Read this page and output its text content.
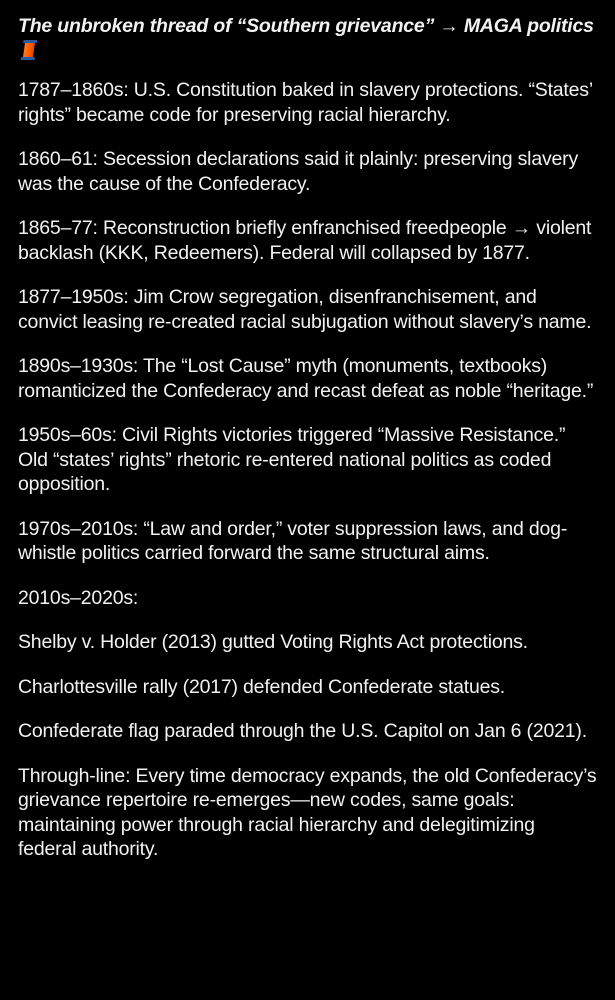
The unbroken thread of “Southern grievance” → MAGA politics

1787–1860s: U.S. Constitution baked in slavery protections. “States’ rights” became code for preserving racial hierarchy.

1860–61: Secession declarations said it plainly: preserving slavery was the cause of the Confederacy.

1865–77: Reconstruction briefly enfranchised freedpeople → violent backlash (KKK, Redeemers). Federal will collapsed by 1877.

1877–1950s: Jim Crow segregation, disenfranchisement, and convict leasing re-created racial subjugation without slavery’s name.

1890s–1930s: The “Lost Cause” myth (monuments, textbooks) romanticized the Confederacy and recast defeat as noble “heritage.”

1950s–60s: Civil Rights victories triggered “Massive Resistance.” Old “states’ rights” rhetoric re-entered national politics as coded opposition.

1970s–2010s: “Law and order,” voter suppression laws, and dog-whistle politics carried forward the same structural aims.

2010s–2020s:

Shelby v. Holder (2013) gutted Voting Rights Act protections.

Charlottesville rally (2017) defended Confederate statues.

Confederate flag paraded through the U.S. Capitol on Jan 6 (2021).

Through-line: Every time democracy expands, the old Confederacy’s grievance repertoire re-emerges—new codes, same goals: maintaining power through racial hierarchy and delegitimizing federal authority.
